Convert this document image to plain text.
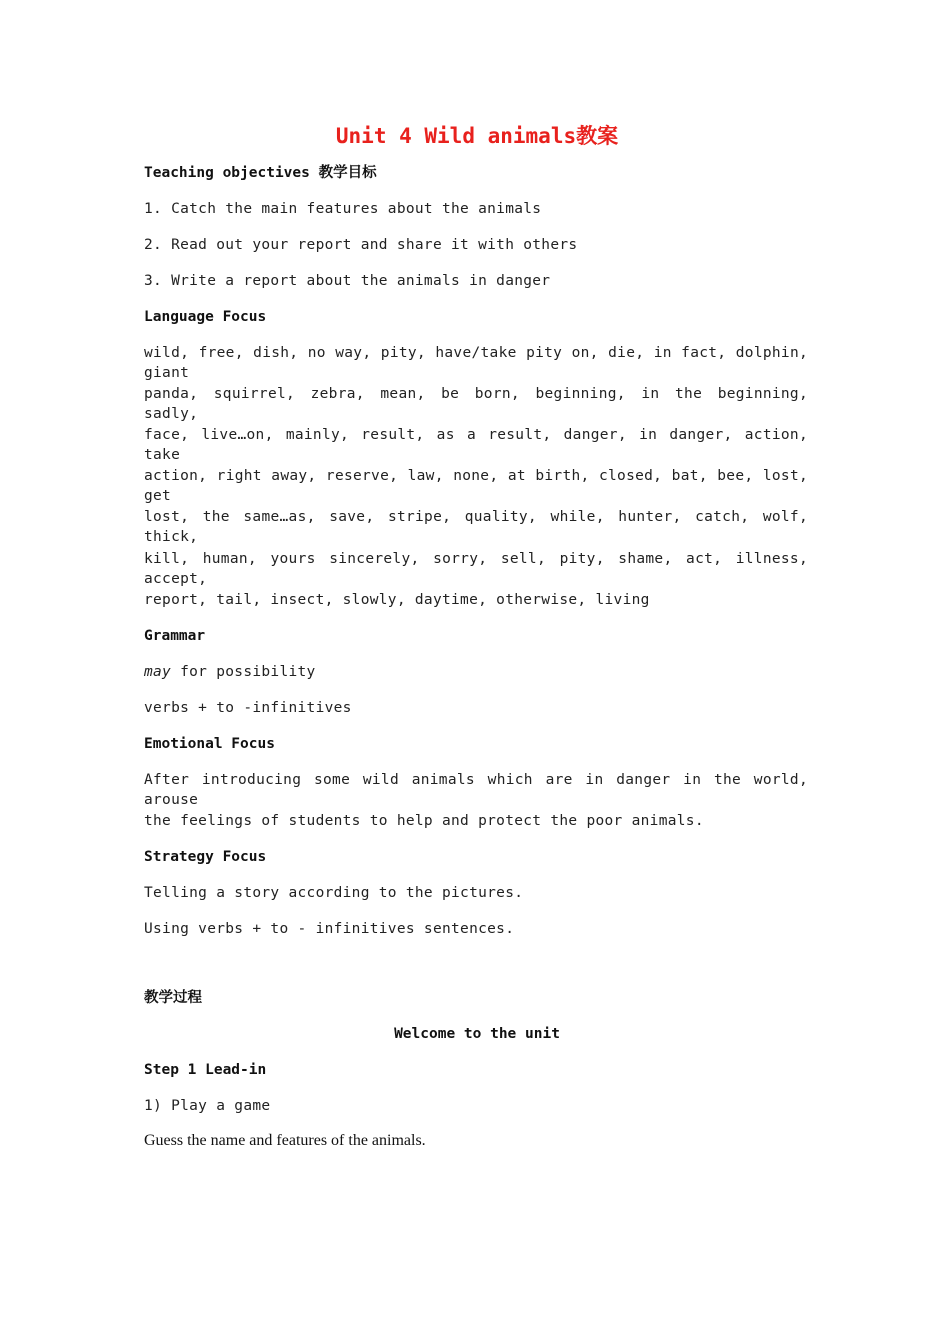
Unit 4 Wild animals教案
Teaching objectives 教学目标
1. Catch the main features about the animals
2. Read out your report and share it with others
3. Write a report about the animals in danger
Language Focus
wild, free, dish, no way, pity, have/take pity on, die, in fact, dolphin, giant
panda, squirrel, zebra, mean, be born, beginning, in the beginning, sadly,
face, live…on, mainly, result, as a result, danger, in danger, action, take
action, right away, reserve, law, none, at birth, closed, bat, bee, lost, get
lost, the same…as, save, stripe, quality, while, hunter, catch, wolf, thick,
kill, human, yours sincerely, sorry, sell, pity, shame, act, illness, accept,
report, tail, insect, slowly, daytime, otherwise, living
Grammar
may for possibility
verbs + to -infinitives
Emotional Focus
After introducing some wild animals which are in danger in the world, arouse
the feelings of students to help and protect the poor animals.
Strategy Focus
Telling a story according to the pictures.
Using verbs + to - infinitives sentences.
教学过程
Welcome to the unit
Step 1 Lead-in
1) Play a game
Guess the name and features of the animals.
